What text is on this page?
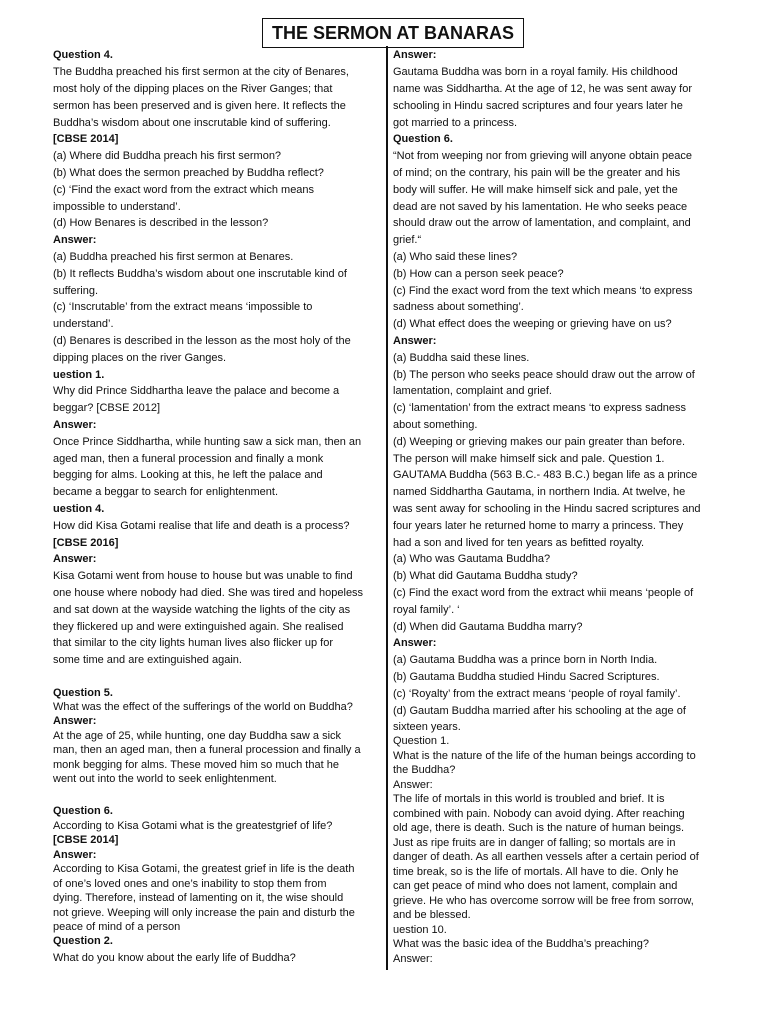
THE SERMON AT BANARAS
Question 4.
The Buddha preached his first sermon at the city of Benares,
most holy of the dipping places on the River Ganges; that
sermon has been preserved and is given here. It reflects the
Buddha’s wisdom about one inscrutable kind of suffering.
[CBSE 2014]
(a) Where did Buddha preach his first sermon?
(b) What does the sermon preached by Buddha reflect?
(c) ‘Find the exact word from the extract which means
impossible to understand’.
(d) How Benares is described in the lesson?
Answer:
(a) Buddha preached his first sermon at Benares.
(b) It reflects Buddha’s wisdom about one inscrutable kind of
suffering.
(c) ‘Inscrutable’ from the extract means ‘impossible to
understand’.
(d) Benares is described in the lesson as the most holy of the
dipping places on the river Ganges.
uestion 1.
Why did Prince Siddhartha leave the palace and become a
beggar? [CBSE 2012]
Answer:
Once Prince Siddhartha, while hunting saw a sick man, then an
aged man, then a funeral procession and finally a monk
begging for alms. Looking at this, he left the palace and
became a beggar to search for enlightenment.
uestion 4.
How did Kisa Gotami realise that life and death is a process?
[CBSE 2016]
Answer:
Kisa Gotami went from house to house but was unable to find
one house where nobody had died. She was tired and hopeless
and sat down at the wayside watching the lights of the city as
they flickered up and were extinguished again. She realised
that similar to the city lights human lives also flicker up for
some time and are extinguished again.
Question 5.
What was the effect of the sufferings of the world on Buddha?
Answer:
At the age of 25, while hunting, one day Buddha saw a sick
man, then an aged man, then a funeral procession and finally a
monk begging for alms. These moved him so much that he
went out into the world to seek enlightenment.
Question 6.
According to Kisa Gotami what is the greatestgrief of life?
[CBSE 2014]
Answer:
According to Kisa Gotami, the greatest grief in life is the death
of one’s loved ones and one’s inability to stop them from
dying. Therefore, instead of lamenting on it, the wise should
not grieve. Weeping will only increase the pain and disturb the
peace of mind of a person
Question 2.
What do you know about the early life of Buddha?
Answer:
Gautama Buddha was born in a royal family. His childhood
name was Siddhartha. At the age of 12, he was sent away for
schooling in Hindu sacred scriptures and four years later he
got married to a princess.
Question 6.
“Not from weeping nor from grieving will anyone obtain peace
of mind; on the contrary, his pain will be the greater and his
body will suffer. He will make himself sick and pale, yet the
dead are not saved by his lamentation. He who seeks peace
should draw out the arrow of lamentation, and complaint, and
grief.“
(a) Who said these lines?
(b) How can a person seek peace?
(c) Find the exact word from the text which means ‘to express
sadness about something’.
(d) What effect does the weeping or grieving have on us?
Answer:
(a) Buddha said these lines.
(b) The person who seeks peace should draw out the arrow of
lamentation, complaint and grief.
(c) ‘lamentation’ from the extract means ‘to express sadness
about something.
(d) Weeping or grieving makes our pain greater than before.
The person will make himself sick and pale. Question 1.
GAUTAMA Buddha (563 B.C.- 483 B.C.) began life as a prince
named Siddhartha Gautama, in northern India. At twelve, he
was sent away for schooling in the Hindu sacred scriptures and
four years later he returned home to marry a princess. They
had a son and lived for ten years as befitted royalty.
(a) Who was Gautama Buddha?
(b) What did Gautama Buddha study?
(c) Find the exact word from the extract whii means ‘people of
royal family’. ‘
(d) When did Gautama Buddha marry?
Answer:
(a) Gautama Buddha was a prince born in North India.
(b) Gautama Buddha studied Hindu Sacred Scriptures.
(c) ‘Royalty’ from the extract means ‘people of royal family’.
(d) Gautam Buddha married after his schooling at the age of
sixteen years.
Question 1.
What is the nature of the life of the human beings according to
the Buddha?
Answer:
The life of mortals in this world is troubled and brief. It is
combined with pain. Nobody can avoid dying. After reaching
old age, there is death. Such is the nature of human beings.
Just as ripe fruits are in danger of falling; so mortals are in
danger of death. As all earthen vessels after a certain period of
time break, so is the life of mortals. All have to die. Only he
can get peace of mind who does not lament, complain and
grieve. He who has overcome sorrow will be free from sorrow,
and be blessed.
uestion 10.
What was the basic idea of the Buddha’s preaching?
Answer:
